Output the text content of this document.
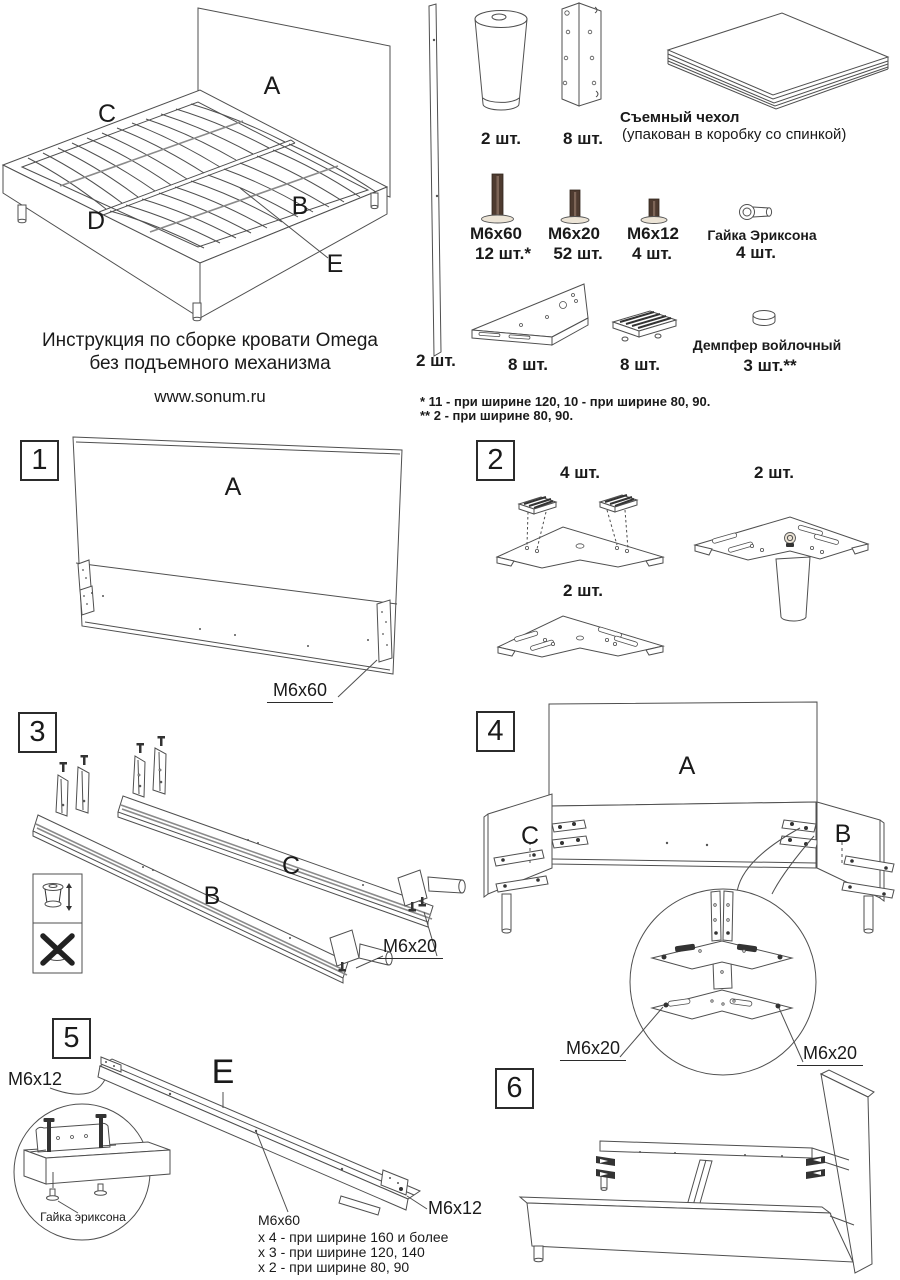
Инструкция по сборке кровати Omega
без подъемного механизма
www.sonum.ru
A
C
B
D
E
2 шт.
2 шт. 8 шт.
Съемный чехол
(упакован в коробку со спинкой)
M6x60
12 шт.*
M6x20
52 шт.
M6x12
4 шт.
Гайка Эриксона
4 шт.
8 шт.	8 шт.
Демпфер войлочный
3 шт.**
* 11 - при ширине 120, 10 - при ширине 80, 90.
** 2 - при ширине 80, 90.
1	2
3	4
5
6
A
M6x60
4 шт.	2 шт.
2 шт.
C
B
M6x20
A
C	B
M6x20	M6x20
M6x12	E
Гайка эриксона	M6x60
x 4 - при ширине 160 и более
x 3 - при ширине 120, 140
x 2 - при ширине 80, 90
M6x12
